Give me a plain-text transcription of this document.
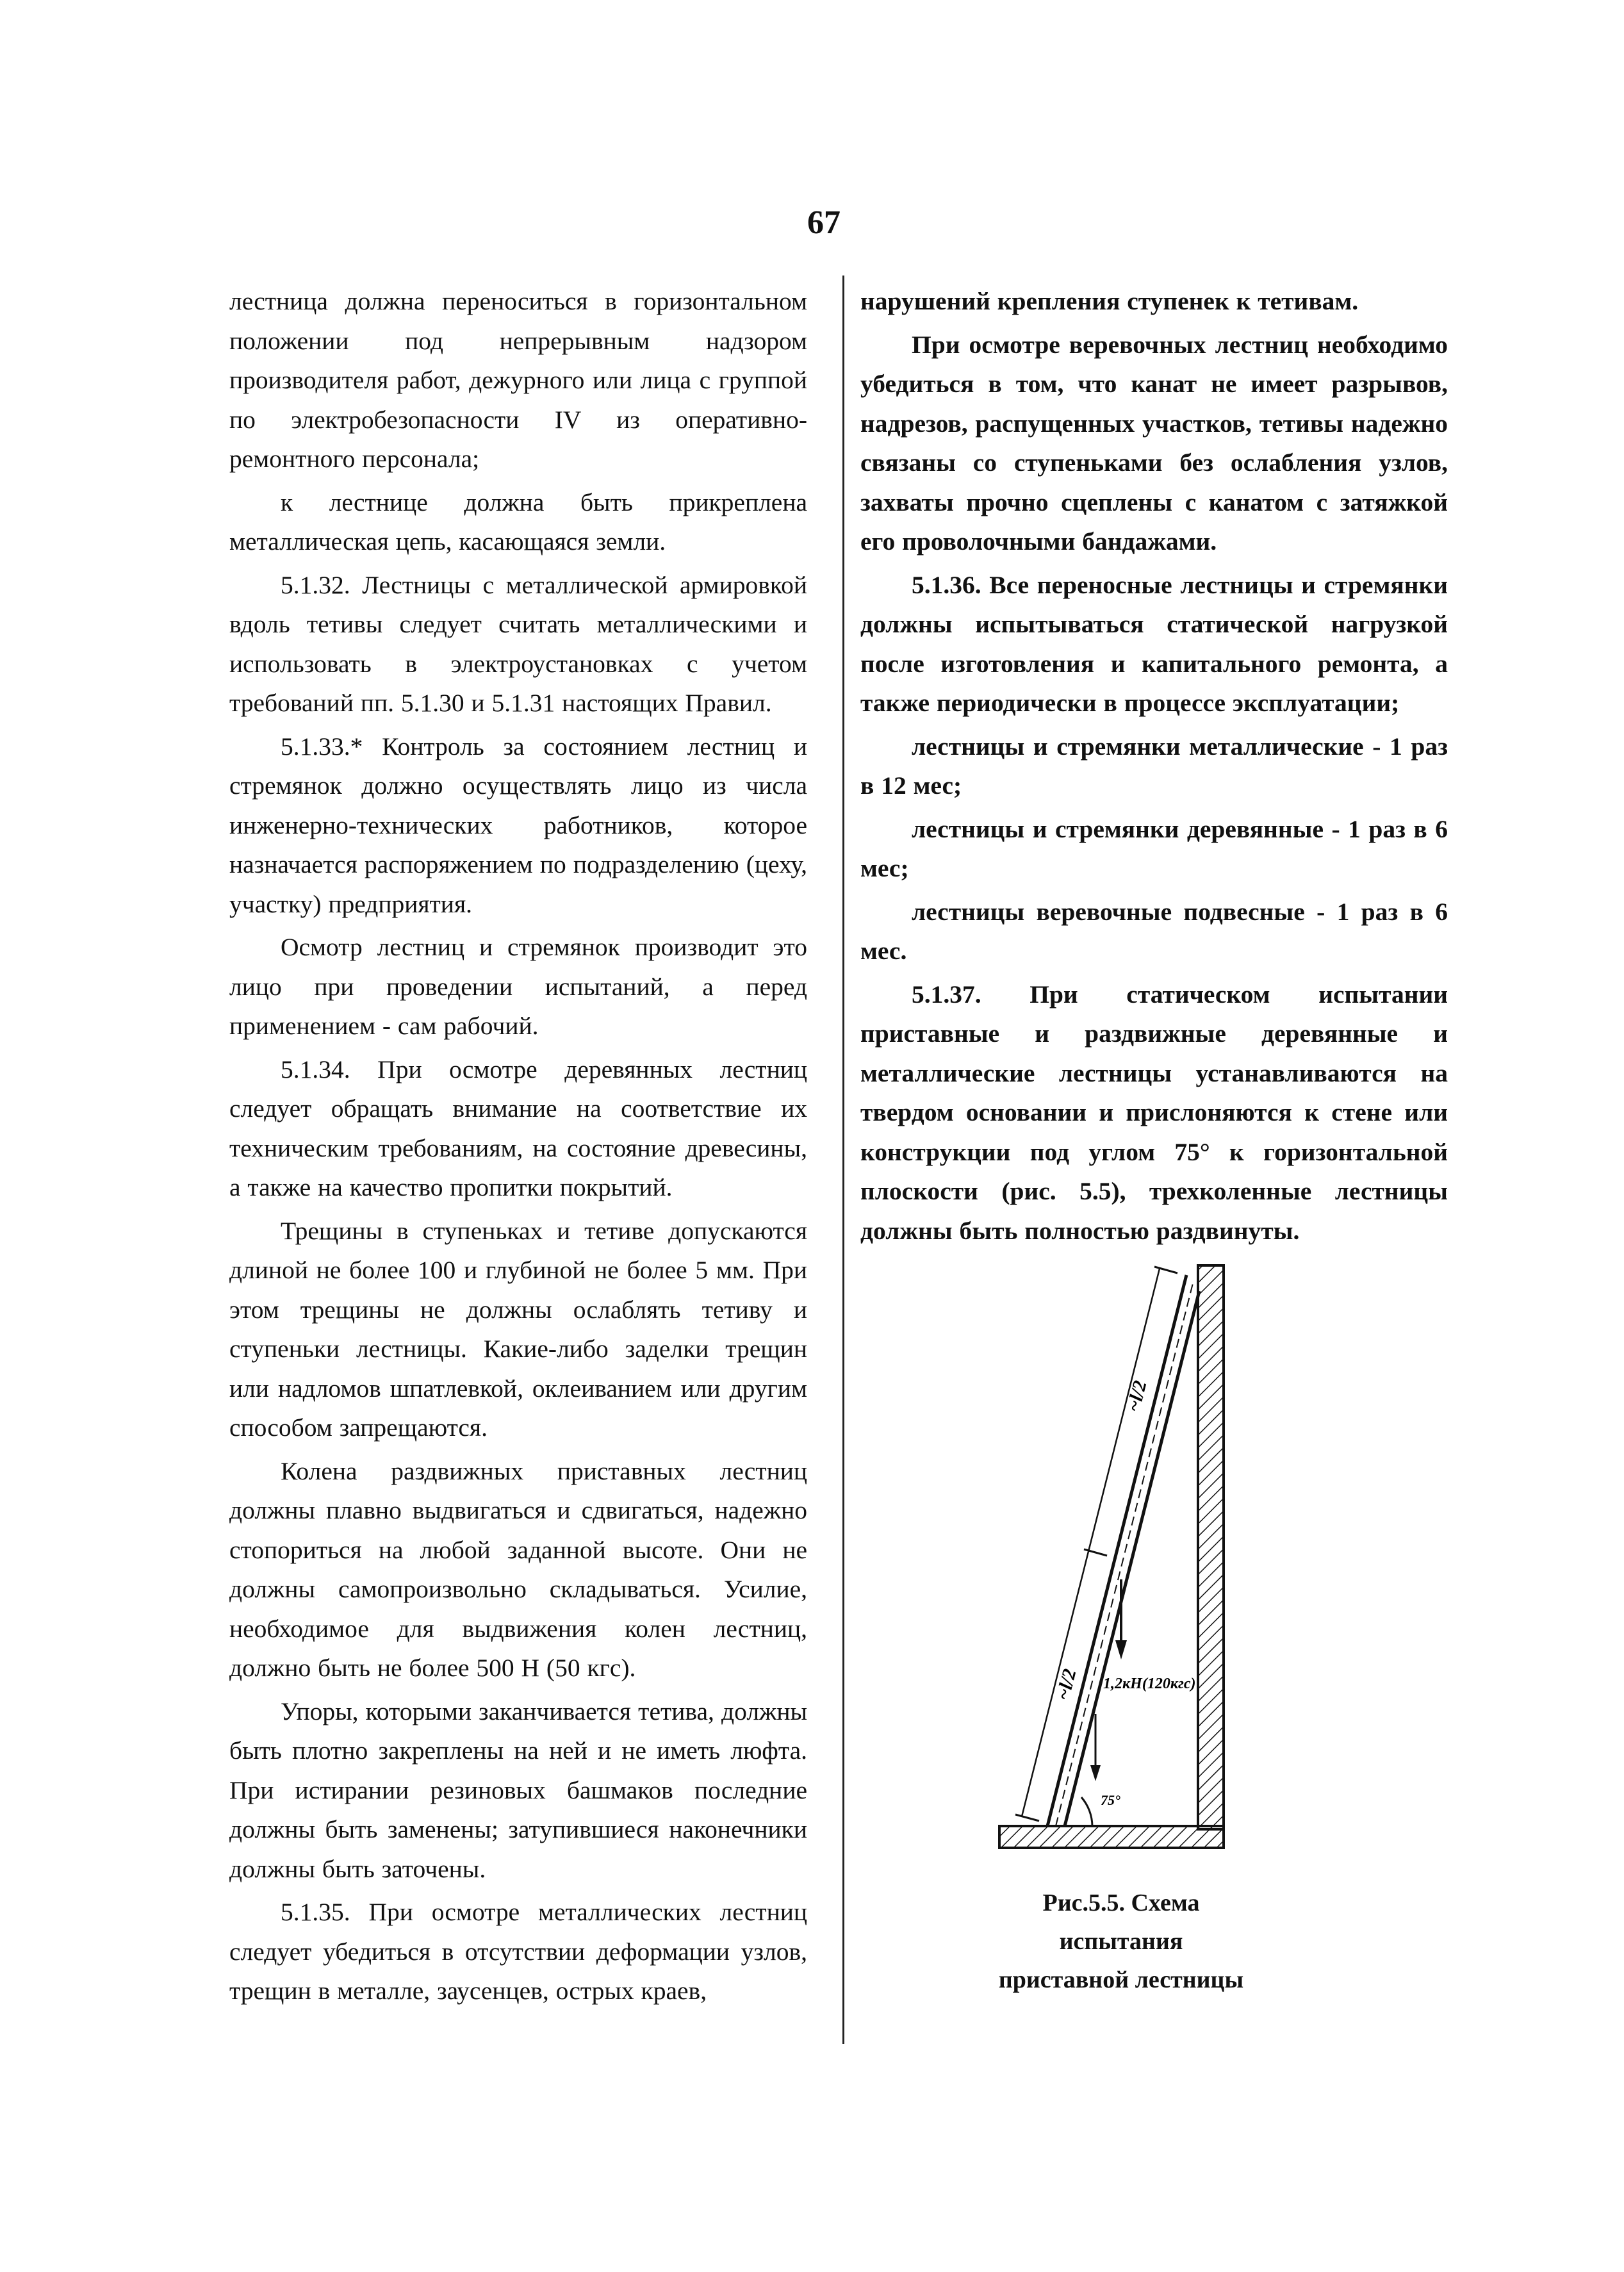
67

лестница должна переноситься в горизонтальном положении под непрерывным надзором производителя работ, дежурного или лица с группой по электробезопасности IV из оперативно-ремонтного персонала;

к лестнице должна быть прикреплена металлическая цепь, касающаяся земли.

5.1.32. Лестницы с металлической армировкой вдоль тетивы следует считать металлическими и использовать в электроустановках с учетом требований пп. 5.1.30 и 5.1.31 настоящих Правил.

5.1.33.* Контроль за состоянием лестниц и стремянок должно осуществлять лицо из числа инженерно-технических работников, которое назначается распоряжением по подразделению (цеху, участку) предприятия.

Осмотр лестниц и стремянок производит это лицо при проведении испытаний, а перед применением - сам рабочий.

5.1.34. При осмотре деревянных лестниц следует обращать внимание на соответствие их техническим требованиям, на состояние древесины, а также на качество пропитки покрытий.

Трещины в ступеньках и тетиве допускаются длиной не более 100 и глубиной не более 5 мм. При этом трещины не должны ослаблять тетиву и ступеньки лестницы. Какие-либо заделки трещин или надломов шпатлевкой, оклеиванием или другим способом запрещаются.

Колена раздвижных приставных лестниц должны плавно выдвигаться и сдвигаться, надежно стопориться на любой заданной высоте. Они не должны самопроизвольно складываться. Усилие, необходимое для выдвижения колен лестниц, должно быть не более 500 Н (50 кгс).

Упоры, которыми заканчивается тетива, должны быть плотно закреплены на ней и не иметь люфта. При истирании резиновых башмаков последние должны быть заменены; затупившиеся наконечники должны быть заточены.

5.1.35. При осмотре металлических лестниц следует убедиться в отсутствии деформации узлов, трещин в металле, заусенцев, острых краев,

нарушений крепления ступенек к тетивам.

При осмотре веревочных лестниц необходимо убедиться в том, что канат не имеет разрывов, надрезов, распущенных участков, тетивы надежно связаны со ступеньками без ослабления узлов, захваты прочно сцеплены с канатом с затяжкой его проволочными бандажами.

5.1.36. Все переносные лестницы и стремянки должны испытываться статической нагрузкой после изготовления и капитального ремонта, а также периодически в процессе эксплуатации;

лестницы и стремянки металлические - 1 раз в 12 мес;

лестницы и стремянки деревянные - 1 раз в 6 мес;

лестницы веревочные подвесные - 1 раз в 6 мес.

5.1.37. При статическом испытании приставные и раздвижные деревянные и металлические лестницы устанавливаются на твердом основании и прислоняются к стене или конструкции под углом 75° к горизонтальной плоскости (рис. 5.5), трехколенные лестницы должны быть полностью раздвинуты.

~l/2
~l/2 1,2кН(120кгс)
75°
Рис.5.5. Схема испытания
приставной лестницы
